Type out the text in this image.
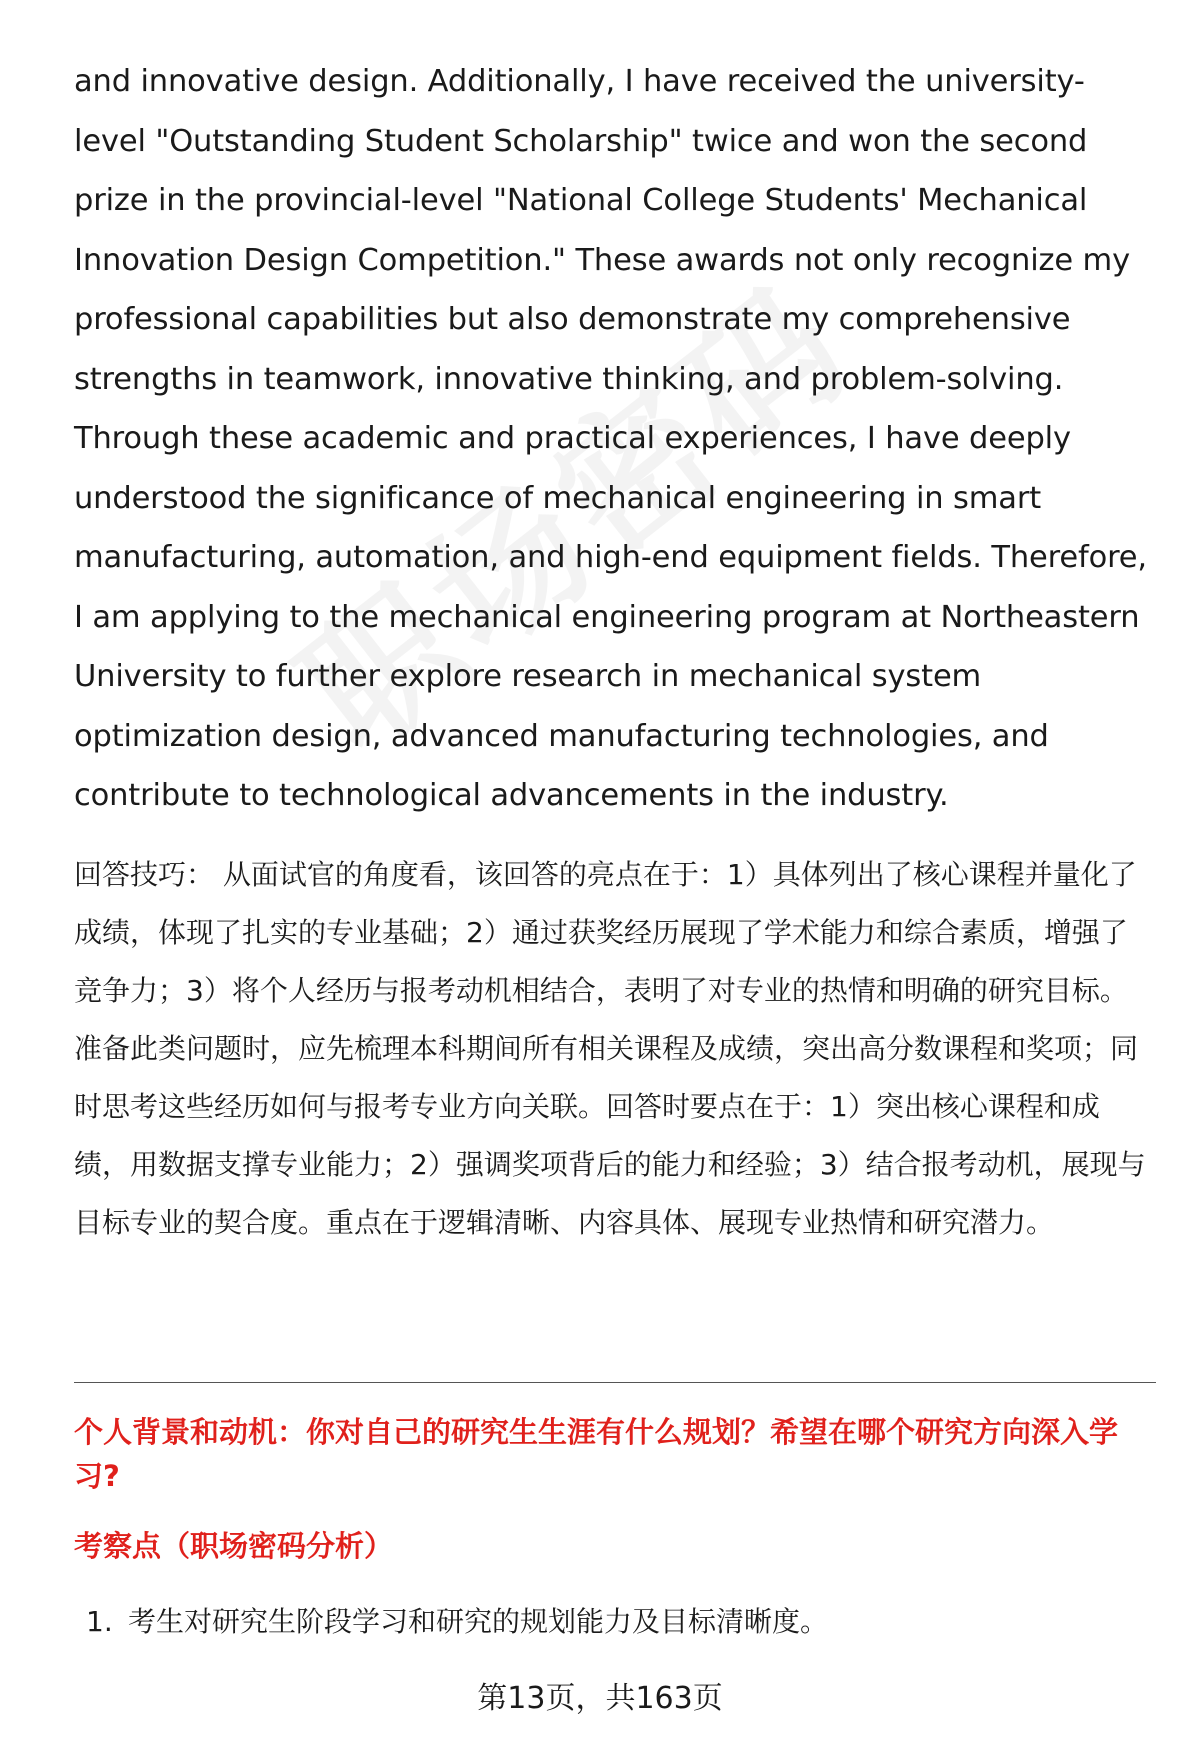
and innovative design. Additionally, I have received the university-level "Outstanding Student Scholarship" twice and won the second prize in the provincial-level "National College Students' Mechanical Innovation Design Competition." These awards not only recognize my professional capabilities but also demonstrate my comprehensive strengths in teamwork, innovative thinking, and problem-solving. Through these academic and practical experiences, I have deeply understood the significance of mechanical engineering in smart manufacturing, automation, and high-end equipment fields. Therefore, I am applying to the mechanical engineering program at Northeastern University to further explore research in mechanical system optimization design, advanced manufacturing technologies, and contribute to technological advancements in the industry.

回答技巧： 从面试官的角度看，该回答的亮点在于：1）具体列出了核心课程并量化了成绩，体现了扎实的专业基础；2）通过获奖经历展现了学术能力和综合素质，增强了竞争力；3）将个人经历与报考动机相结合，表明了对专业的热情和明确的研究目标。

准备此类问题时，应先梳理本科期间所有相关课程及成绩，突出高分数课程和奖项；同时思考这些经历如何与报考专业方向关联。回答时要点在于：1）突出核心课程和成绩，用数据支撑专业能力；2）强调奖项背后的能力和经验；3）结合报考动机，展现与目标专业的契合度。重点在于逻辑清晰、内容具体、展现专业热情和研究潜力。

个人背景和动机：你对自己的研究生生涯有什么规划？希望在哪个研究方向深入学习?
考察点（职场密码分析）
1. 考生对研究生阶段学习和研究的规划能力及目标清晰度。
第13页，共163页
